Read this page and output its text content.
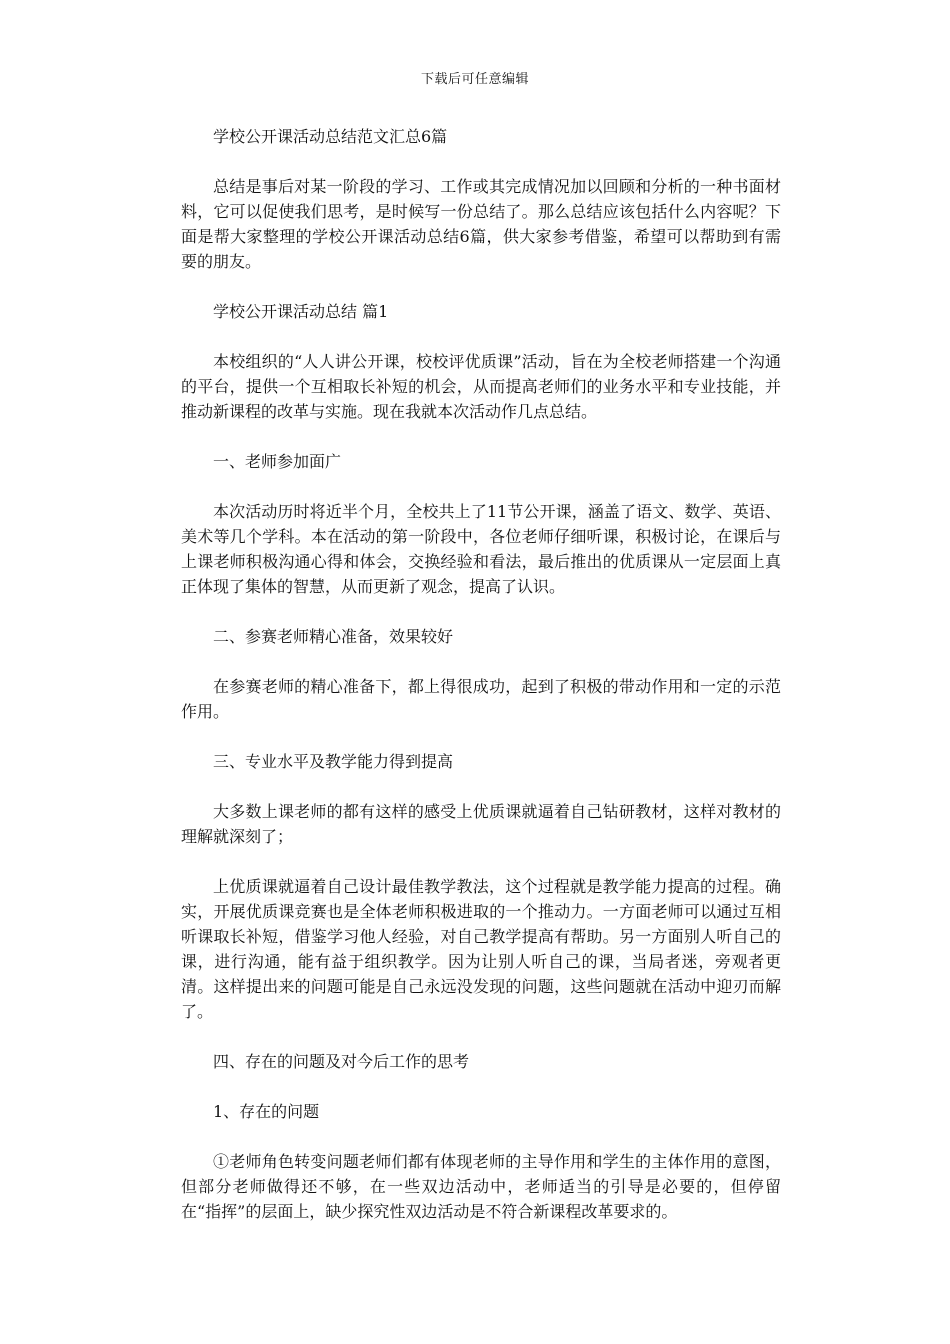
下载后可任意编辑

学校公开课活动总结范文汇总6篇

总结是事后对某一阶段的学习、工作或其完成情况加以回顾和分析的一种书面材料，它可以促使我们思考，是时候写一份总结了。那么总结应该包括什么内容呢？下面是帮大家整理的学校公开课活动总结6篇，供大家参考借鉴，希望可以帮助到有需要的朋友。

学校公开课活动总结 篇1

本校组织的“人人讲公开课，校校评优质课”活动，旨在为全校老师搭建一个沟通的平台，提供一个互相取长补短的机会，从而提高老师们的业务水平和专业技能，并推动新课程的改革与实施。现在我就本次活动作几点总结。

一、老师参加面广

本次活动历时将近半个月，全校共上了11节公开课，涵盖了语文、数学、英语、美术等几个学科。本在活动的第一阶段中，各位老师仔细听课，积极讨论，在课后与上课老师积极沟通心得和体会，交换经验和看法，最后推出的优质课从一定层面上真正体现了集体的智慧，从而更新了观念，提高了认识。

二、参赛老师精心准备，效果较好

在参赛老师的精心准备下，都上得很成功，起到了积极的带动作用和一定的示范作用。

三、专业水平及教学能力得到提高

大多数上课老师的都有这样的感受上优质课就逼着自己钻研教材，这样对教材的理解就深刻了；

上优质课就逼着自己设计最佳教学教法，这个过程就是教学能力提高的过程。确实，开展优质课竞赛也是全体老师积极进取的一个推动力。一方面老师可以通过互相听课取长补短，借鉴学习他人经验，对自己教学提高有帮助。另一方面别人听自己的课，进行沟通，能有益于组织教学。因为让别人听自己的课，当局者迷，旁观者更清。这样提出来的问题可能是自己永远没发现的问题，这些问题就在活动中迎刃而解了。

四、存在的问题及对今后工作的思考

1、存在的问题

①老师角色转变问题老师们都有体现老师的主导作用和学生的主体作用的意图，但部分老师做得还不够，在一些双边活动中，老师适当的引导是必要的，但停留在“指挥”的层面上，缺少探究性双边活动是不符合新课程改革要求的。
